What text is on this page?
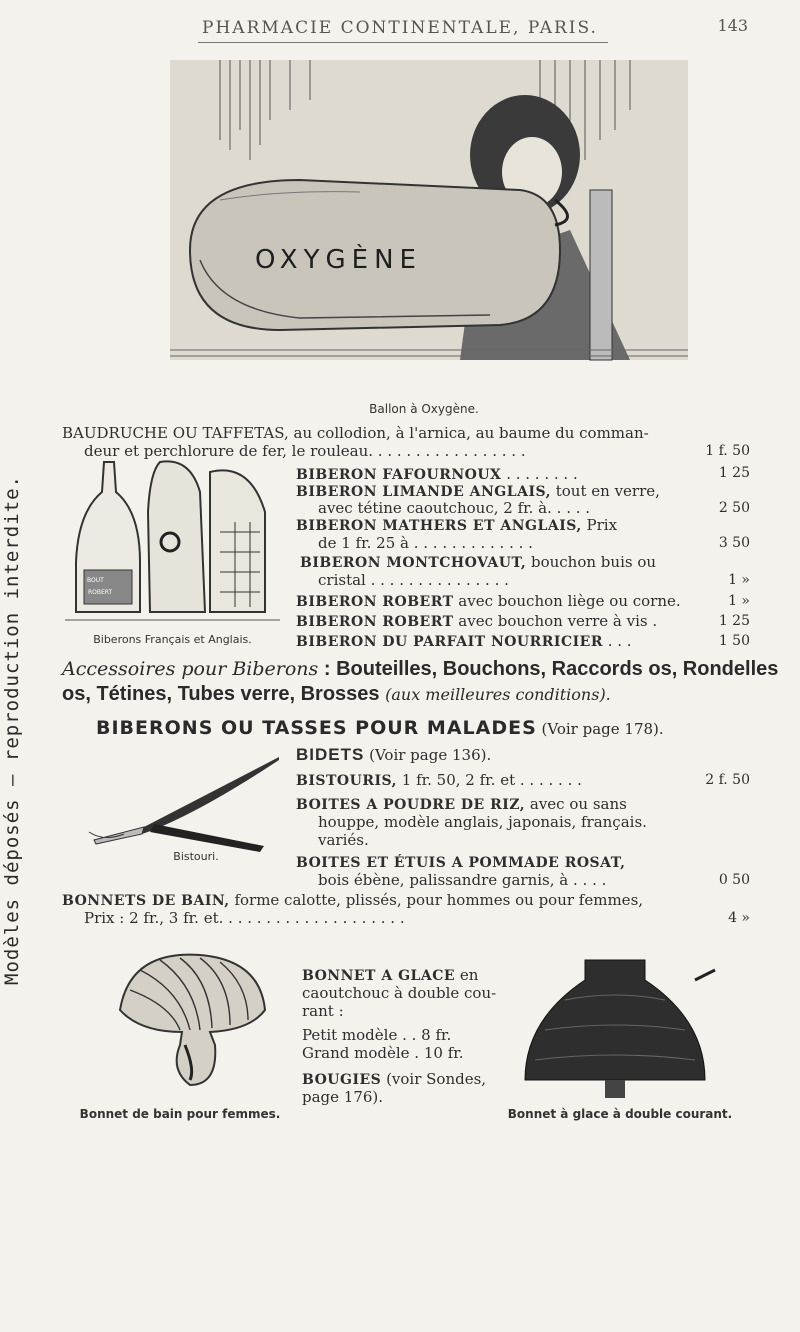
Modèles déposés — reproduction interdite.
PHARMACIE CONTINENTALE, PARIS.	143
OXYGÈNE
Ballon à Oxygène.
BAUDRUCHE OU TAFFETAS, au collodion, à l'arnica, au baume du comman-
deur et perchlorure de fer, le rouleau. . . . . . . . . . . . . . . . .	1 f. 50
BOUT
ROBERT
Biberons Français et Anglais.
BIBERON FAFOURNOUX . . . . . . . .	1 25
BIBERON LIMANDE ANGLAIS, tout en verre,
avec tétine caoutchouc, 2 fr. à. . . . .	2 50
BIBERON MATHERS ET ANGLAIS, Prix
de 1 fr. 25 à . . . . . . . . . . . . .	3 50
BIBERON MONTCHOVAUT, bouchon buis ou
cristal . . . . . . . . . . . . . . .	1 »
BIBERON ROBERT avec bouchon liège ou corne.	1 »
BIBERON ROBERT avec bouchon verre à vis .	1 25
Accessoires pour Biberons : Bouteilles, Bouchons, Raccords os, Rondelles
os, Tétines, Tubes verre, Brosses (aux meilleures conditions).
BIBERONS OU TASSES POUR MALADES (Voir page 178).
Bistouri.
BIDETS (Voir page 136).
BISTOURIS, 1 fr. 50, 2 fr. et . . . . . . .	2 f. 50
BOITES A POUDRE DE RIZ, avec ou sans
houppe, modèle anglais, japonais, français.
variés.
BOITES ET ÉTUIS A POMMADE ROSAT,
bois ébène, palissandre garnis, à . . . .	0 50
BONNETS DE BAIN, forme calotte, plissés, pour hommes ou pour femmes,
Prix : 2 fr., 3 fr. et. . . . . . . . . . . . . . . . . . . .	4 »
BONNET A GLACE en
caoutchouc à double cou-
rant :
Petit modèle . . 8 fr.
Grand modèle . 10 fr.
BOUGIES (voir Sondes,
page 176).
Bonnet de bain pour femmes.	Bonnet à glace à double courant.
BIBERON DU PARFAIT NOURRICIER . . .	1 50
